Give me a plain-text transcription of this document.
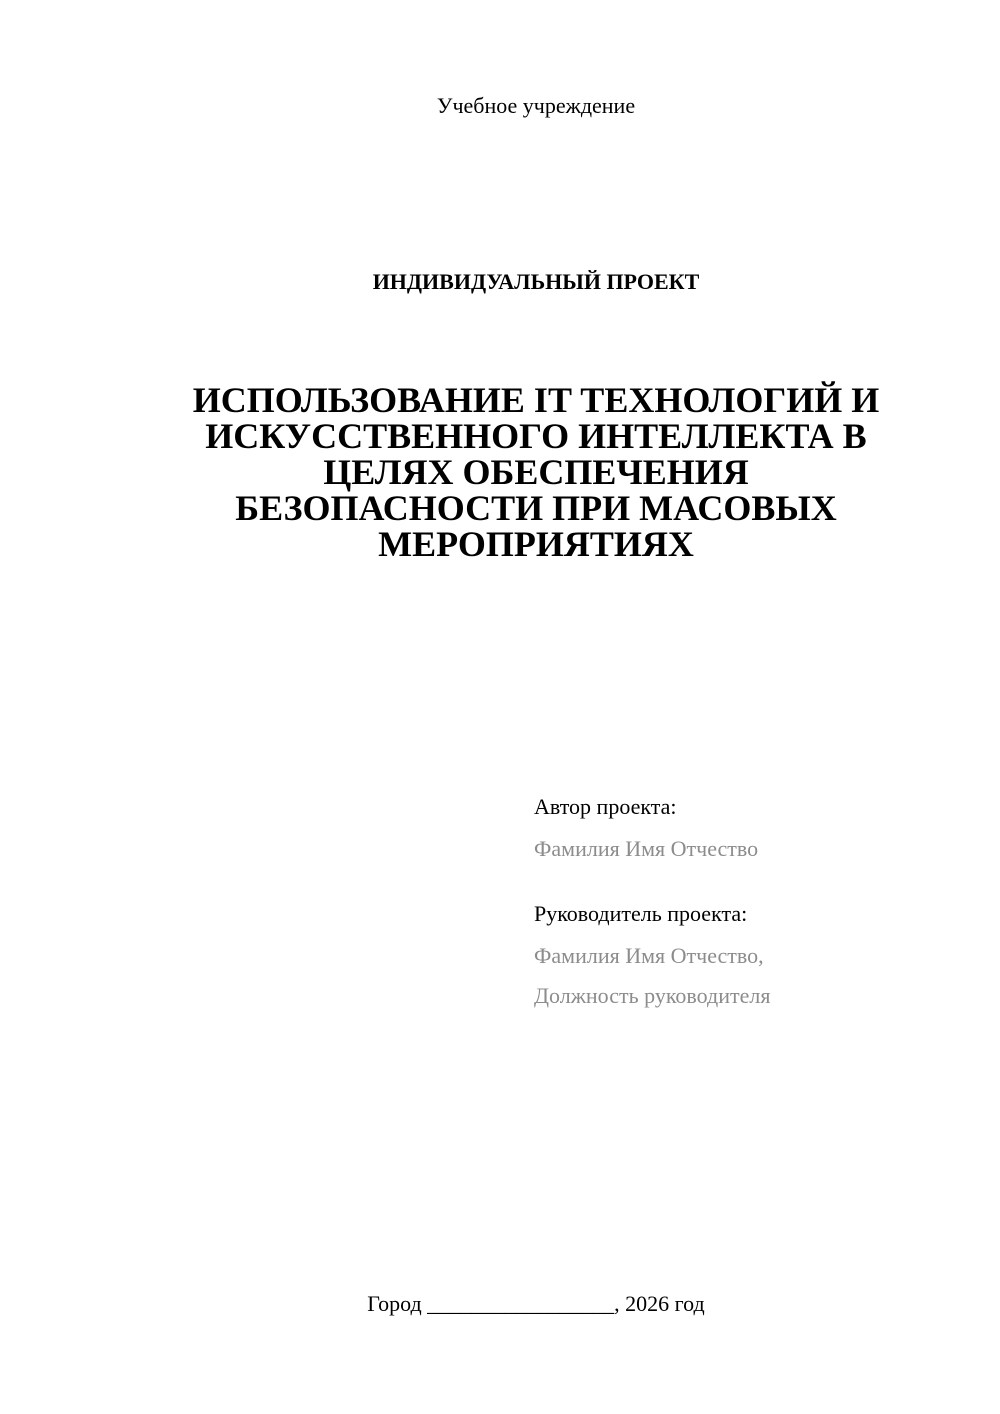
Учебное учреждение
ИНДИВИДУАЛЬНЫЙ ПРОЕКТ
ИСПОЛЬЗОВАНИЕ IT ТЕХНОЛОГИЙ И
ИСКУССТВЕННОГО ИНТЕЛЛЕКТА В
ЦЕЛЯХ ОБЕСПЕЧЕНИЯ
БЕЗОПАСНОСТИ ПРИ МАСОВЫХ
МЕРОПРИЯТИЯХ
Автор проекта:
Фамилия Имя Отчество
Руководитель проекта:
Фамилия Имя Отчество,
Должность руководителя
Город _________________, 2026 год
